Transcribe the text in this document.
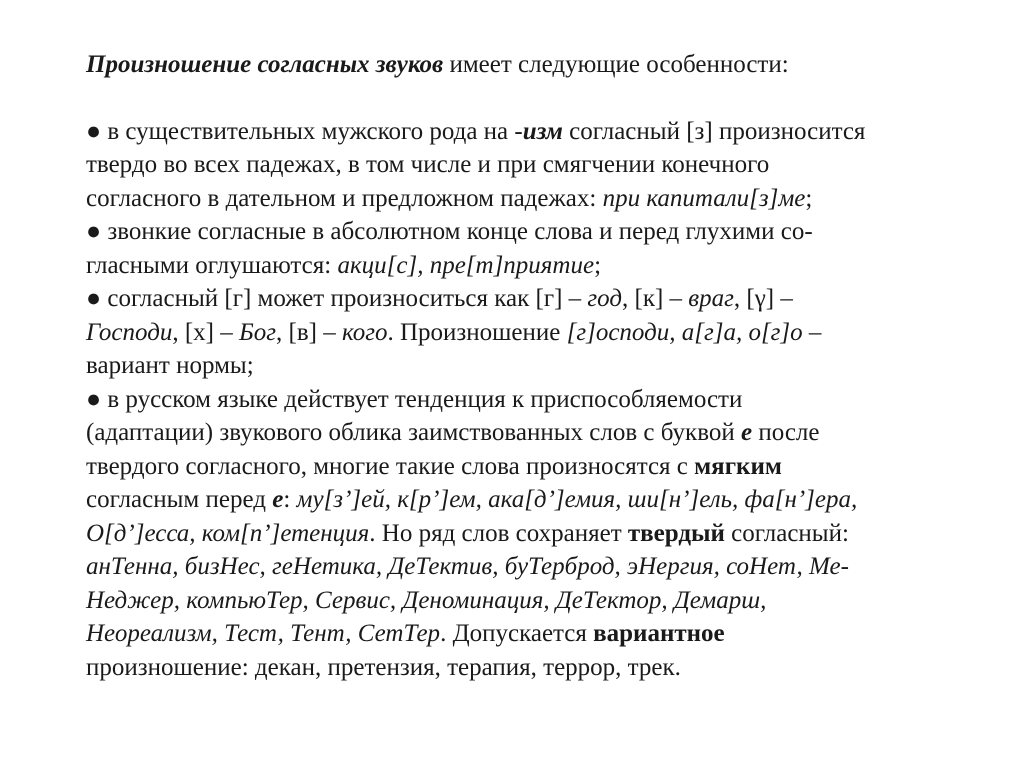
Произношение согласных звуков имеет следующие особенности:
● в существительных мужского рода на -изм согласный [з] произносится
твердо во всех падежах, в том числе и при смягчении конечного
согласного в дательном и предложном падежах: при капитали[з]ме;
● звонкие согласные в абсолютном конце слова и перед глухими со-
гласными оглушаются: акци[с], пре[т]приятие;
● согласный [г] может произноситься как [г] – год, [к] – враг, [γ] –
Господи, [х] – Бог, [в] – кого. Произношение [г]осподи, а[г]а, о[г]о –
вариант нормы;
● в русском языке действует тенденция к приспособляемости
(адаптации) звукового облика заимствованных слов с буквой е после
твердого согласного, многие такие слова произносятся с мягким
согласным перед е: му[з’]ей, к[р’]ем, ака[д’]емия, ши[н’]ель, фа[н’]ера,
О[д’]есса, ком[п’]етенция. Но ряд слов сохраняет твердый согласный:
анТенна, бизНес, геНетика, ДеТектив, буТерброд, эНергия, соНет, Ме-
Неджер, компьюТер, Сервис, Деноминация, ДеТектор, Демарш,
Неореализм, Тест, Тент, СетТер. Допускается вариантное
произношение: декан, претензия, терапия, террор, трек.
